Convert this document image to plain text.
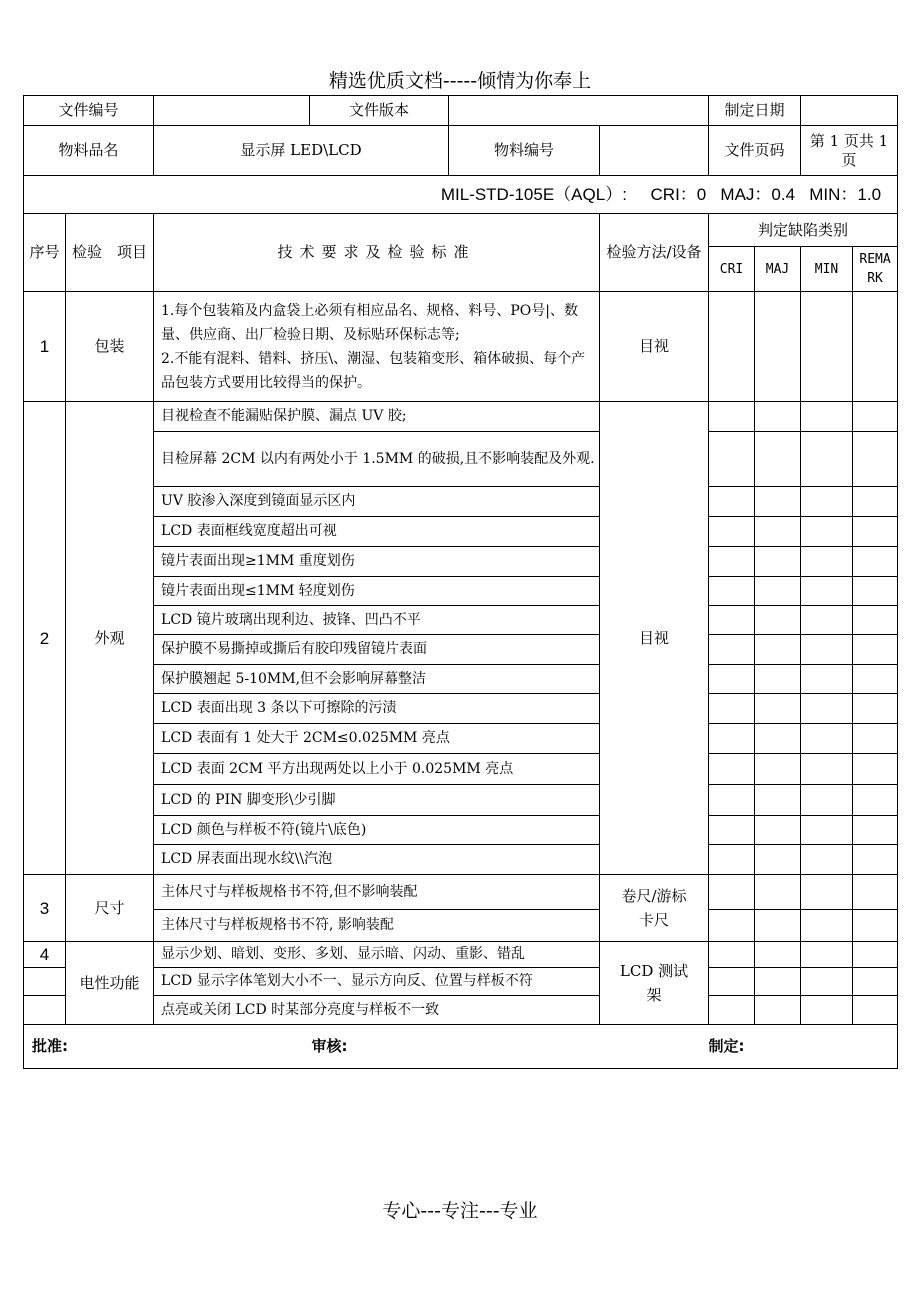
精选优质文档-----倾情为你奉上
文件编号			文件版本			制定日期			
物料品名		显示屏 LED\LCD		物料编号		文件页码		第 1 页共 1 页	
MIL-STD-105E（AQL）:     CRI：0   MAJ：0.4   MIN：1.0									
序号	检验　项目	技术要求及检验标准			检验方法/设备	判定缺陷类别			
						CRI	MAJ	MIN	REMARK
1	包装	1.每个包装箱及内盒袋上必须有相应品名、规格、料号、PO号|、数量、供应商、出厂检验日期、及标贴环保标志等;
2.不能有混料、错料、挤压\、潮湿、包装箱变形、箱体破损、每个产品包装方式要用比较得当的保护。			目视				
2	外观	目视检查不能漏贴保护膜、漏点 UV 胶;			目视				
		目检屏幕 2CM 以内有两处小于 1.5MM 的破损,且不影响装配及外观.							
		UV 胶渗入深度到镜面显示区内							
		LCD 表面框线宽度超出可视							
		镜片表面出现≥1MM 重度划伤							
		镜片表面出现≤1MM 轻度划伤							
		LCD 镜片玻璃出现利边、披锋、凹凸不平							
		保护膜不易撕掉或撕后有胶印残留镜片表面							
		保护膜翘起 5-10MM,但不会影响屏幕整洁							
		LCD 表面出现 3 条以下可擦除的污渍							
		LCD 表面有 1 处大于 2CM≤0.025MM 亮点							
		LCD 表面 2CM 平方出现两处以上小于 0.025MM 亮点							
		LCD 的 PIN 脚变形\少引脚							
		LCD 颜色与样板不符(镜片\底色)							
		LCD 屏表面出现水纹\\汽泡							
3	尺寸	主体尺寸与样板规格书不符,但不影响装配			卷尺/游标卡尺				
		主体尺寸与样板规格书不符, 影响装配							
4	电性功能	显示少划、暗划、变形、多划、显示暗、闪动、重影、错乱			LCD 测试架				
		LCD 显示字体笔划大小不一、显示方向反、位置与样板不符							
		点亮或关闭 LCD 时某部分亮度与样板不一致							
批准:			审核:			制定:			
专心---专注---专业
